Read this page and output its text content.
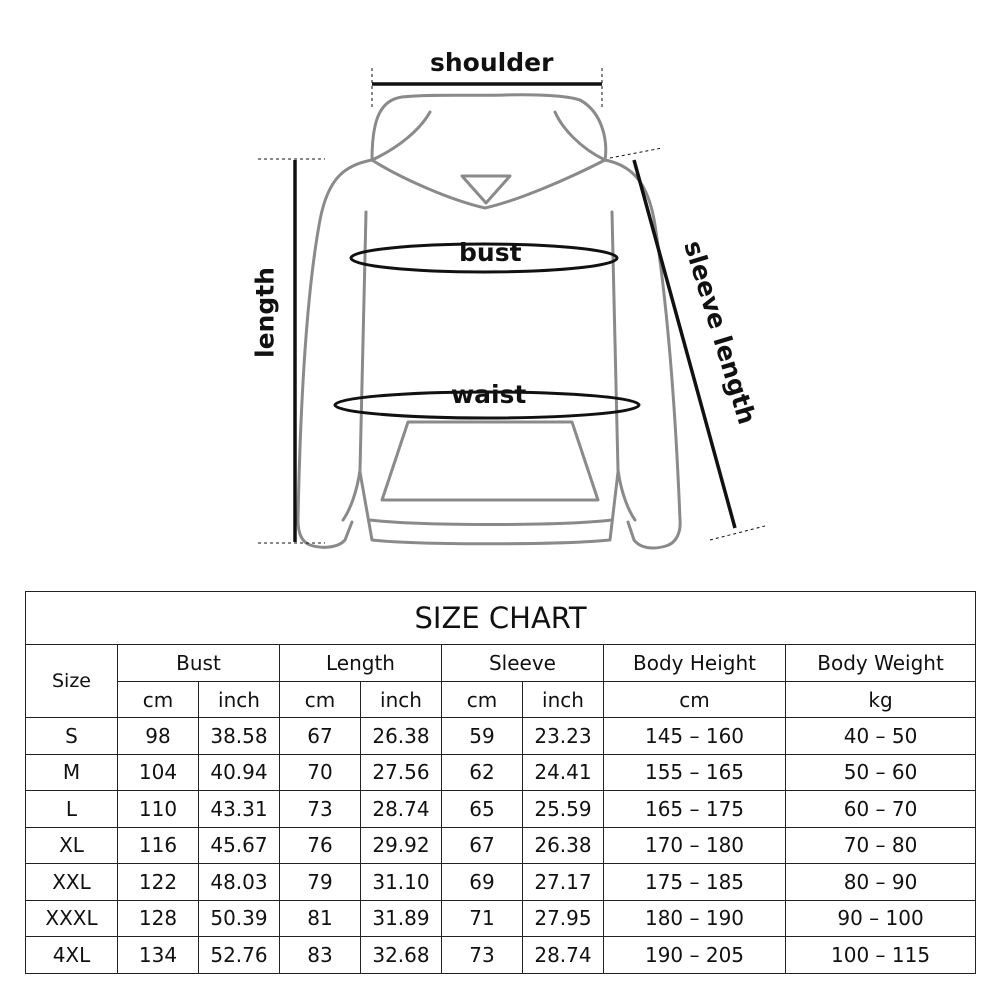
shoulder
bust
waist
length	sleeve length
SIZE CHART								
Size	Bust		Length		Sleeve		Body Height	Body Weight
	cm	inch	cm	inch	cm	inch	cm	kg
S	98	38.58	67	26.38	59	23.23	145 – 160	40 – 50
M	104	40.94	70	27.56	62	24.41	155 – 165	50 – 60
L	110	43.31	73	28.74	65	25.59	165 – 175	60 – 70
XL	116	45.67	76	29.92	67	26.38	170 – 180	70 – 80
XXL	122	48.03	79	31.10	69	27.17	175 – 185	80 – 90
XXXL	128	50.39	81	31.89	71	27.95	180 – 190	90 – 100
4XL	134	52.76	83	32.68	73	28.74	190 – 205	100 – 115
